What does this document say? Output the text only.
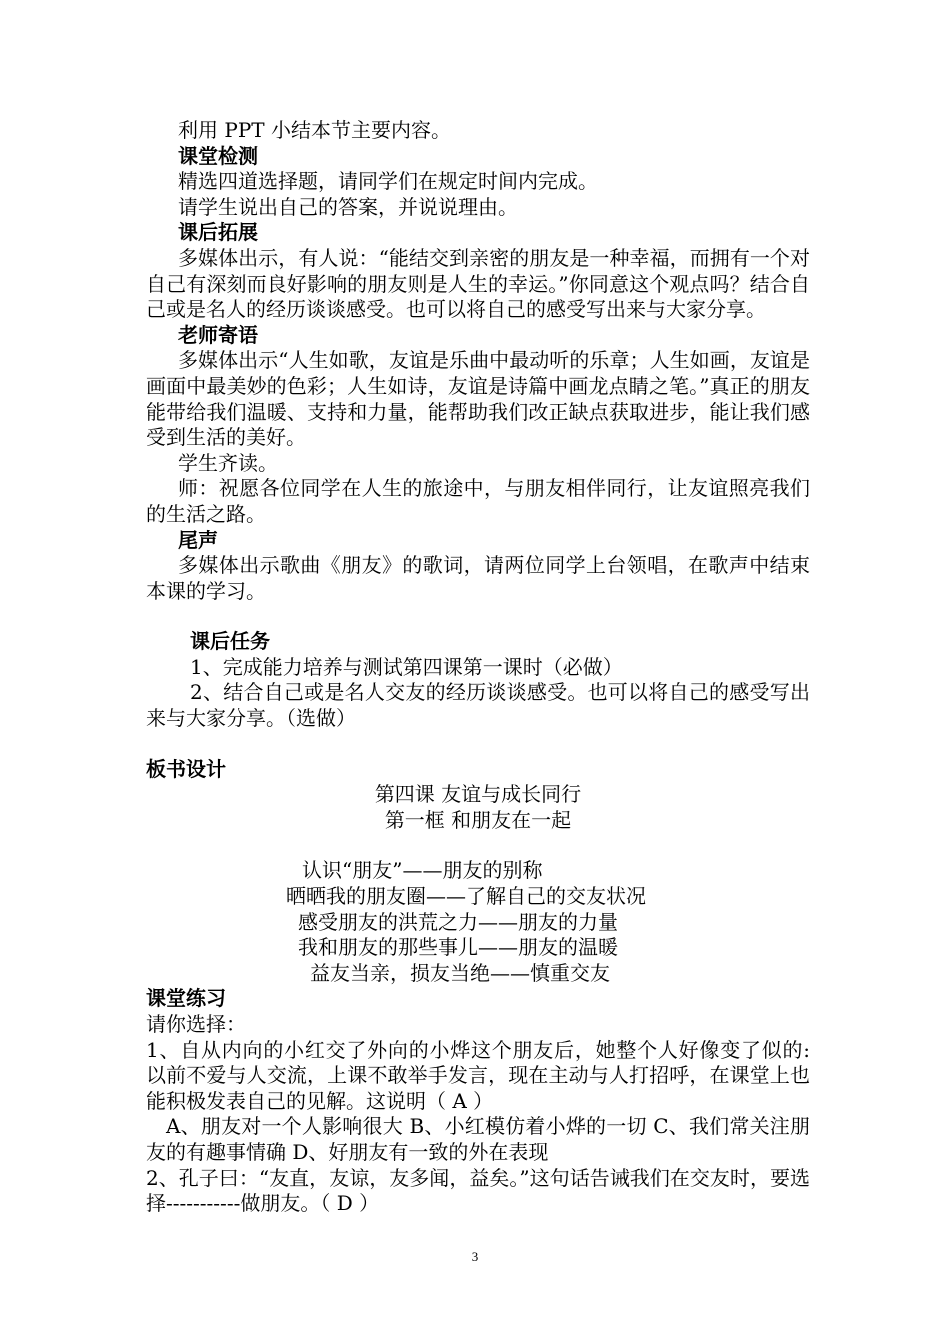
利用 PPT 小结本节主要内容。

课堂检测

精选四道选择题，请同学们在规定时间内完成。

请学生说出自己的答案，并说说理由。

课后拓展

多媒体出示，有人说：“能结交到亲密的朋友是一种幸福，而拥有一个对自己有深刻而良好影响的朋友则是人生的幸运。”你同意这个观点吗？结合自己或是名人的经历谈谈感受。也可以将自己的感受写出来与大家分享。

老师寄语

多媒体出示“人生如歌，友谊是乐曲中最动听的乐章；人生如画，友谊是画面中最美妙的色彩；人生如诗，友谊是诗篇中画龙点睛之笔。”真正的朋友能带给我们温暖、支持和力量，能帮助我们改正缺点获取进步，能让我们感受到生活的美好。

学生齐读。

师：祝愿各位同学在人生的旅途中，与朋友相伴同行，让友谊照亮我们的生活之路。

尾声

多媒体出示歌曲《朋友》的歌词，请两位同学上台领唱，在歌声中结束本课的学习。

课后任务

1、完成能力培养与测试第四课第一课时（必做）

2、结合自己或是名人交友的经历谈谈感受。也可以将自己的感受写出来与大家分享。（选做）

板书设计

第四课 友谊与成长同行

第一框 和朋友在一起

认识“朋友”——朋友的别称

晒晒我的朋友圈——了解自己的交友状况

感受朋友的洪荒之力——朋友的力量

我和朋友的那些事儿——朋友的温暖

益友当亲，损友当绝——慎重交友

课堂练习

请你选择：

1、自从内向的小红交了外向的小烨这个朋友后，她整个人好像变了似的: 以前不爱与人交流，上课不敢举手发言，现在主动与人打招呼，在课堂上也能积极发表自己的见解。这说明（ A ）

A、朋友对一个人影响很大 B、小红模仿着小烨的一切 C、我们常关注朋友的有趣事情确 D、好朋友有一致的外在表现

2、孔子曰：“友直，友谅，友多闻，益矣。”这句话告诫我们在交友时，要选择-----------做朋友。（ D ）

3
